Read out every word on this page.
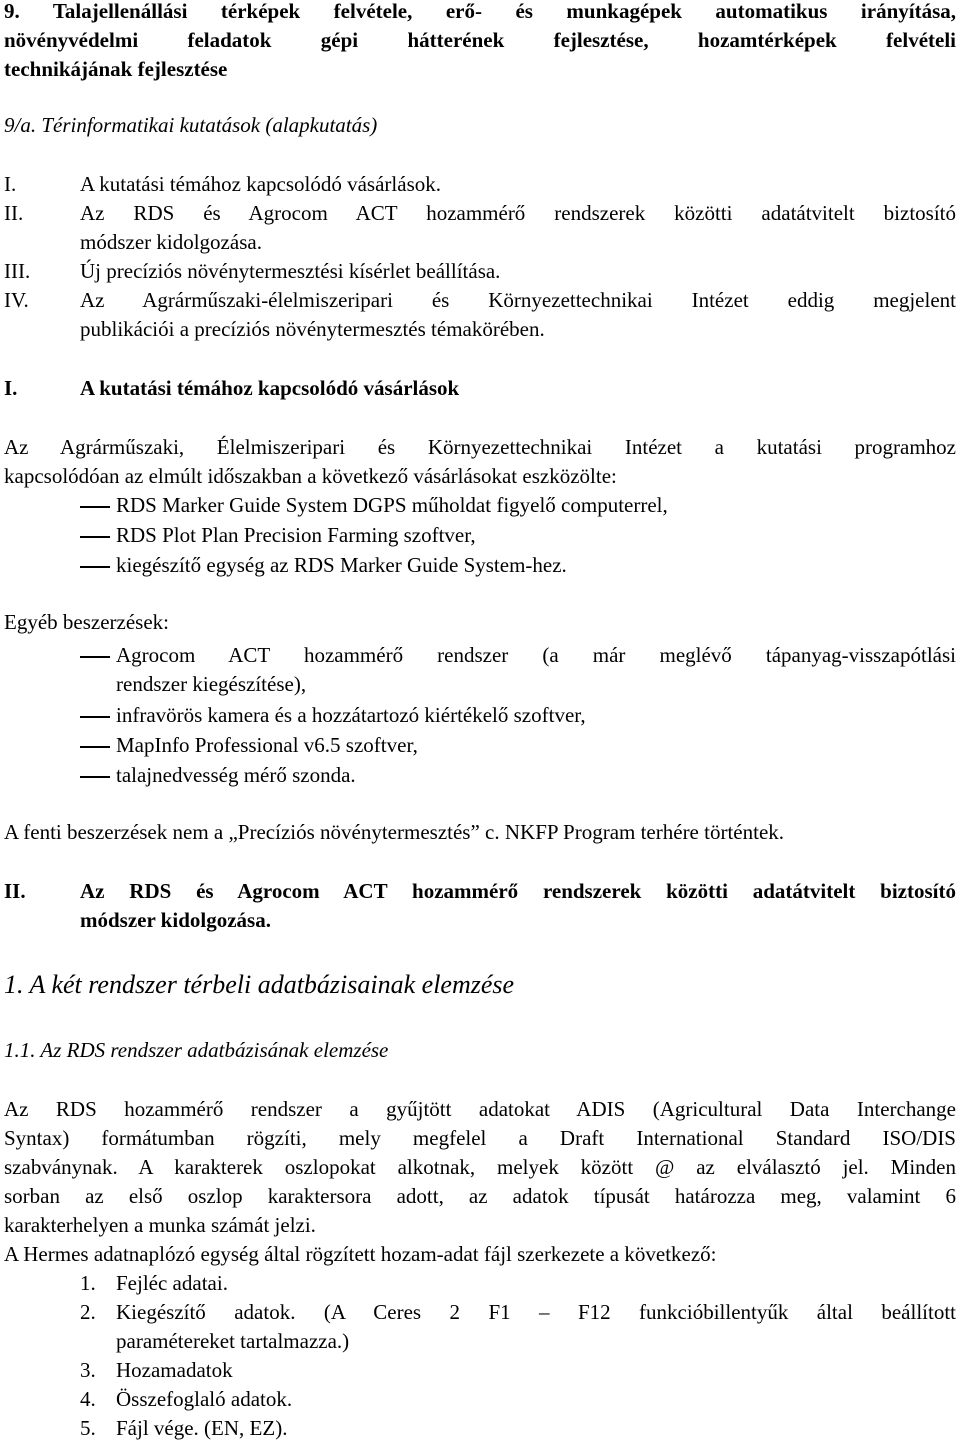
9. Talajellenállási térképek felvétele, erő- és munkagépek automatikus irányítása,
növényvédelmi feladatok gépi hátterének fejlesztése, hozamtérképek felvételi
technikájának fejlesztése
9/a. Térinformatikai kutatások (alapkutatás)
I.	A kutatási témához kapcsolódó vásárlások.
II.	Az RDS és Agrocom ACT hozammérő rendszerek közötti adatátvitelt biztosító
módszer kidolgozása.
III. Új precíziós növénytermesztési kísérlet beállítása.
IV. Az Agrárműszaki-élelmiszeripari és Környezettechnikai Intézet eddig megjelent
publikációi a precíziós növénytermesztés témakörében.
I.	A kutatási témához kapcsolódó vásárlások
Az Agrárműszaki, Élelmiszeripari és Környezettechnikai Intézet a kutatási programhoz
kapcsolódóan az elmúlt időszakban a következő vásárlásokat eszközölte:
RDS Marker Guide System DGPS műholdat figyelő computerrel,
RDS Plot Plan Precision Farming szoftver,
kiegészítő egység az RDS Marker Guide System-hez.
Egyéb beszerzések:
Agrocom ACT hozammérő rendszer (a már meglévő tápanyag-visszapótlási
rendszer kiegészítése),
infravörös kamera és a hozzátartozó kiértékelő szoftver,
MapInfo Professional v6.5 szoftver,
talajnedvesség mérő szonda.
A fenti beszerzések nem a „Precíziós növénytermesztés” c. NKFP Program terhére történtek.
II.	Az RDS és Agrocom ACT hozammérő rendszerek közötti adatátvitelt biztosító
módszer kidolgozása.
1. A két rendszer térbeli adatbázisainak elemzése
1.1. Az RDS rendszer adatbázisának elemzése
Az RDS hozammérő rendszer a gyűjtött adatokat ADIS (Agricultural Data Interchange
Syntax) formátumban rögzíti, mely megfelel a Draft International Standard ISO/DIS
szabványnak. A karakterek oszlopokat alkotnak, melyek között @ az elválasztó jel. Minden
sorban az első oszlop karaktersora adott, az adatok típusát határozza meg, valamint 6
karakterhelyen a munka számát jelzi.
A Hermes adatnaplózó egység által rögzített hozam-adat fájl szerkezete a következő:
1. Fejléc adatai.
2. Kiegészítő adatok. (A Ceres 2 F1 – F12 funkcióbillentyűk által beállított
paramétereket tartalmazza.)
3. Hozamadatok
4. Összefoglaló adatok.
5. Fájl vége. (EN, EZ).
